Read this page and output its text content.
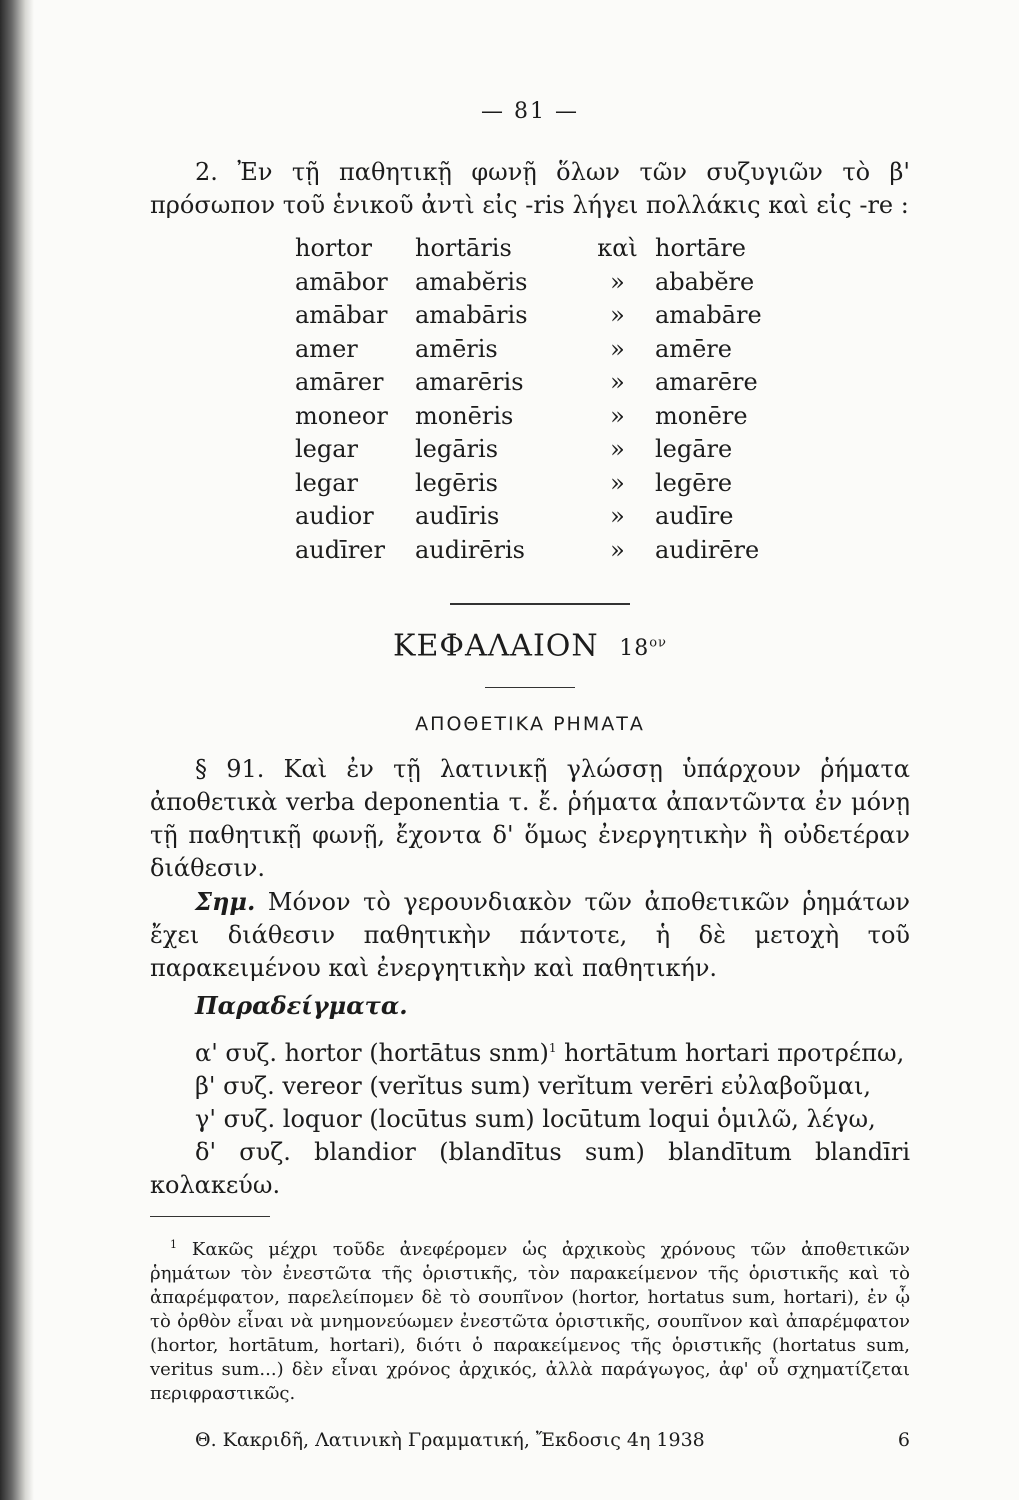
— 81 —

2. Ἐν τῇ παθητικῇ φωνῇ ὅλων τῶν συζυγιῶν τὸ β' πρόσωπον τοῦ ἑνικοῦ ἀντὶ εἰς -ris λήγει πολλάκις καὶ εἰς -re :

hortor	hortāris	καὶ	hortāre
amābor	amabĕris	»	ababĕre
amābar	amabāris	»	amabāre
amer	amēris	»	amēre
amārer	amarēris	»	amarēre
moneor	monēris	»	monēre
legar	legāris	»	legāre
legar	legēris	»	legēre
audior	audīris	»	audīre
audīrer	audirēris	»	audirēre
ΚΕΦΑΛΑΙΟΝ $18^{o\nu}$
ΑΠΟΘΕΤΙΚΑ ΡΗΜΑΤΑ

§ 91. Καὶ ἐν τῇ λατινικῇ γλώσσῃ ὑπάρχουν ῥήματα ἀποθετικὰ verba deponentia τ. ἔ. ῥήματα ἀπαντῶντα ἐν μόνῃ τῇ παθητικῇ φωνῇ, ἔχοντα δ' ὅμως ἐνεργητικὴν ἢ οὐδετέραν διάθεσιν.

Σημ. Μόνον τὸ γερουνδιακὸν τῶν ἀποθετικῶν ῥημάτων ἔχει διάθεσιν παθητικὴν πάντοτε, ἡ δὲ μετοχὴ τοῦ παρακειμένου καὶ ἐνεργητικὴν καὶ παθητικήν.

Παραδείγματα.

α' συζ. hortor (hortātus snm)$^1$ hortātum hortari προτρέπω,

β' συζ. vereor (verĭtus sum) verĭtum verēri εὐλαβοῦμαι,

γ' συζ. loquor (locūtus sum) locūtum loqui ὁμιλῶ, λέγω,

δ' συζ. blandior (blandītus sum) blandītum blandīri κολακεύω.

$^1$ Κακῶς μέχρι τοῦδε ἀνεφέρομεν ὡς ἀρχικοὺς χρόνους τῶν ἀποθετικῶν ῥημάτων τὸν ἐνεστῶτα τῆς ὁριστικῆς, τὸν παρακείμενον τῆς ὁριστικῆς καὶ τὸ ἀπαρέμφατον, παρελείπομεν δὲ τὸ σουπῖνον (hortor, hortatus sum, hortari), ἐν ᾧ τὸ ὀρθὸν εἶναι νὰ μνημονεύωμεν ἐνεστῶτα ὁριστικῆς, σουπῖνον καὶ ἀπαρέμφατον (hortor, hortātum, hortari), διότι ὁ παρακείμενος τῆς ὁριστικῆς (hortatus sum, veritus sum...) δὲν εἶναι χρόνος ἀρχικός, ἀλλὰ παράγωγος, ἀφ' οὗ σχηματίζεται περιφραστικῶς.

Θ. Κακριδῆ, Λατινικὴ Γραμματική, Ἔκδοσις 4η 1938	6
